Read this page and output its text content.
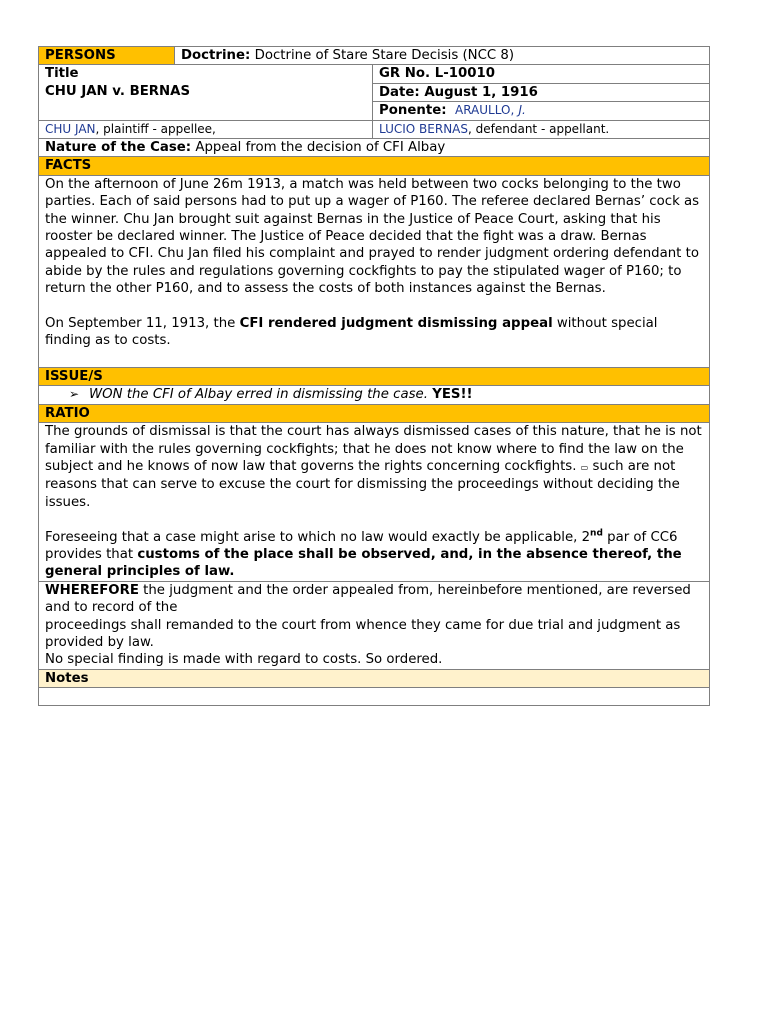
PERSONS	Doctrine: Doctrine of Stare Stare Decisis (NCC 8)	

Title

CHU JAN v. BERNAS		GR No. L-10010
		Date: August 1, 1916
		Ponente: ARAULLO, J.
CHU JAN, plaintiff - appellee,		LUCIO BERNAS, defendant - appellant.
Nature of the Case: Appeal from the decision of CFI Albay		
FACTS		

On the afternoon of June 26m 1913, a match was held between two cocks belonging to the two parties. Each of said persons had to put up a wager of P160. The referee declared Bernas’ cock as the winner. Chu Jan brought suit against Bernas in the Justice of Peace Court, asking that his rooster be declared winner. The Justice of Peace decided that the fight was a draw. Bernas appealed to CFI. Chu Jan filed his complaint and prayed to render judgment ordering defendant to abide by the rules and regulations governing cockfights to pay the stipulated wager of P160; to return the other P160, and to assess the costs of both instances against the Bernas.

On September 11, 1913, the CFI rendered judgment dismissing appeal without special finding as to costs.		

ISSUE/S		
➢ WON the CFI of Albay erred in dismissing the case. YES!!		
RATIO		

The grounds of dismissal is that the court has always dismissed cases of this nature, that he is not familiar with the rules governing cockfights; that he does not know where to find the law on the subject and he knows of now law that governs the rights concerning cockfights. ▭ such are not reasons that can serve to excuse the court for dismissing the proceedings without deciding the issues.

Foreseeing that a case might arise to which no law would exactly be applicable, 2nd par of CC6 provides that customs of the place shall be observed, and, in the absence thereof, the general principles of law.		

WHEREFORE the judgment and the order appealed from, hereinbefore mentioned, are reversed and to record of the

proceedings shall remanded to the court from whence they came for due trial and judgment as provided by law.

No special finding is made with regard to costs. So ordered.		

Notes		
